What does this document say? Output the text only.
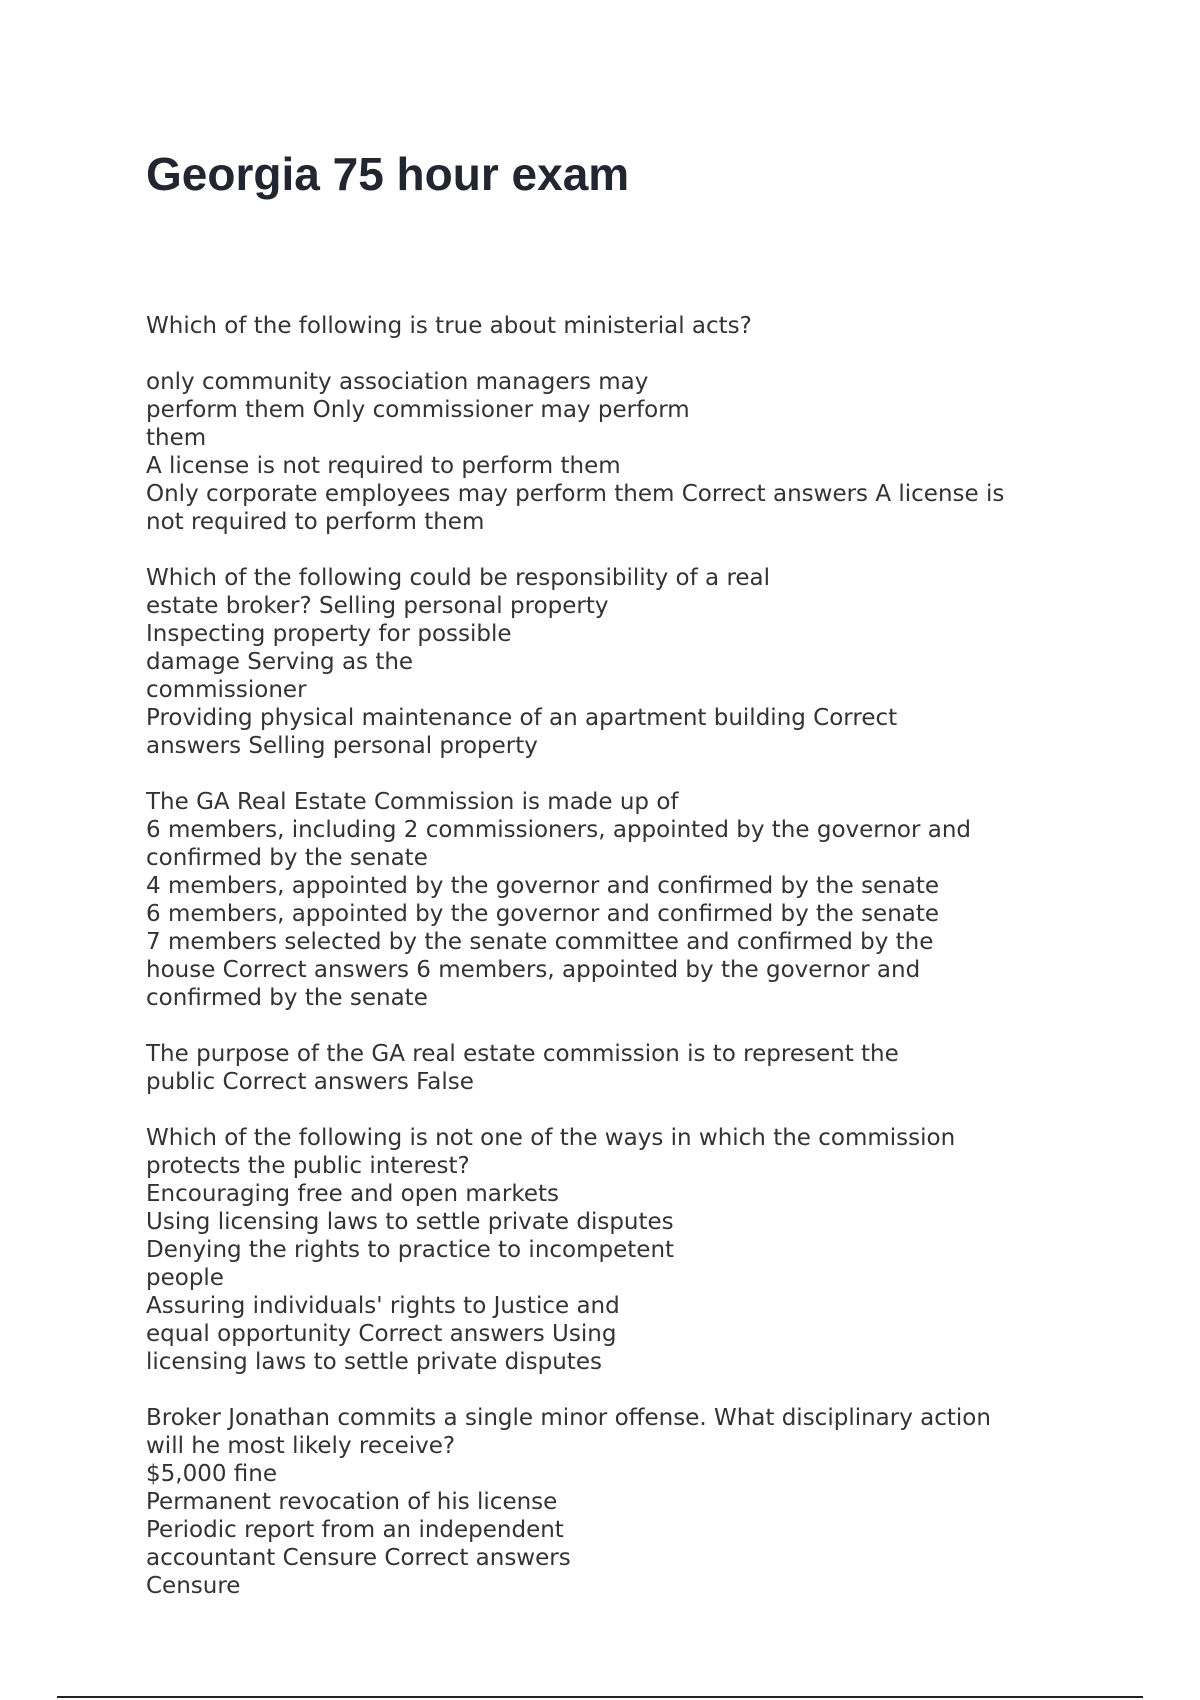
Georgia 75 hour exam
Which of the following is true about ministerial acts?
only community association managers may
perform them Only commissioner may perform
them
A license is not required to perform them
Only corporate employees may perform them Correct answers A license is
not required to perform them
Which of the following could be responsibility of a real
estate broker? Selling personal property
Inspecting property for possible
damage Serving as the
commissioner
Providing physical maintenance of an apartment building Correct
answers Selling personal property
The GA Real Estate Commission is made up of
6 members, including 2 commissioners, appointed by the governor and
confirmed by the senate
4 members, appointed by the governor and confirmed by the senate
6 members, appointed by the governor and confirmed by the senate
7 members selected by the senate committee and confirmed by the
house Correct answers 6 members, appointed by the governor and
confirmed by the senate
The purpose of the GA real estate commission is to represent the
public Correct answers False
Which of the following is not one of the ways in which the commission
protects the public interest?
Encouraging free and open markets
Using licensing laws to settle private disputes
Denying the rights to practice to incompetent
people
Assuring individuals' rights to Justice and
equal opportunity Correct answers Using
licensing laws to settle private disputes
Broker Jonathan commits a single minor offense. What disciplinary action
will he most likely receive?
$5,000 fine
Permanent revocation of his license
Periodic report from an independent
accountant Censure Correct answers
Censure
